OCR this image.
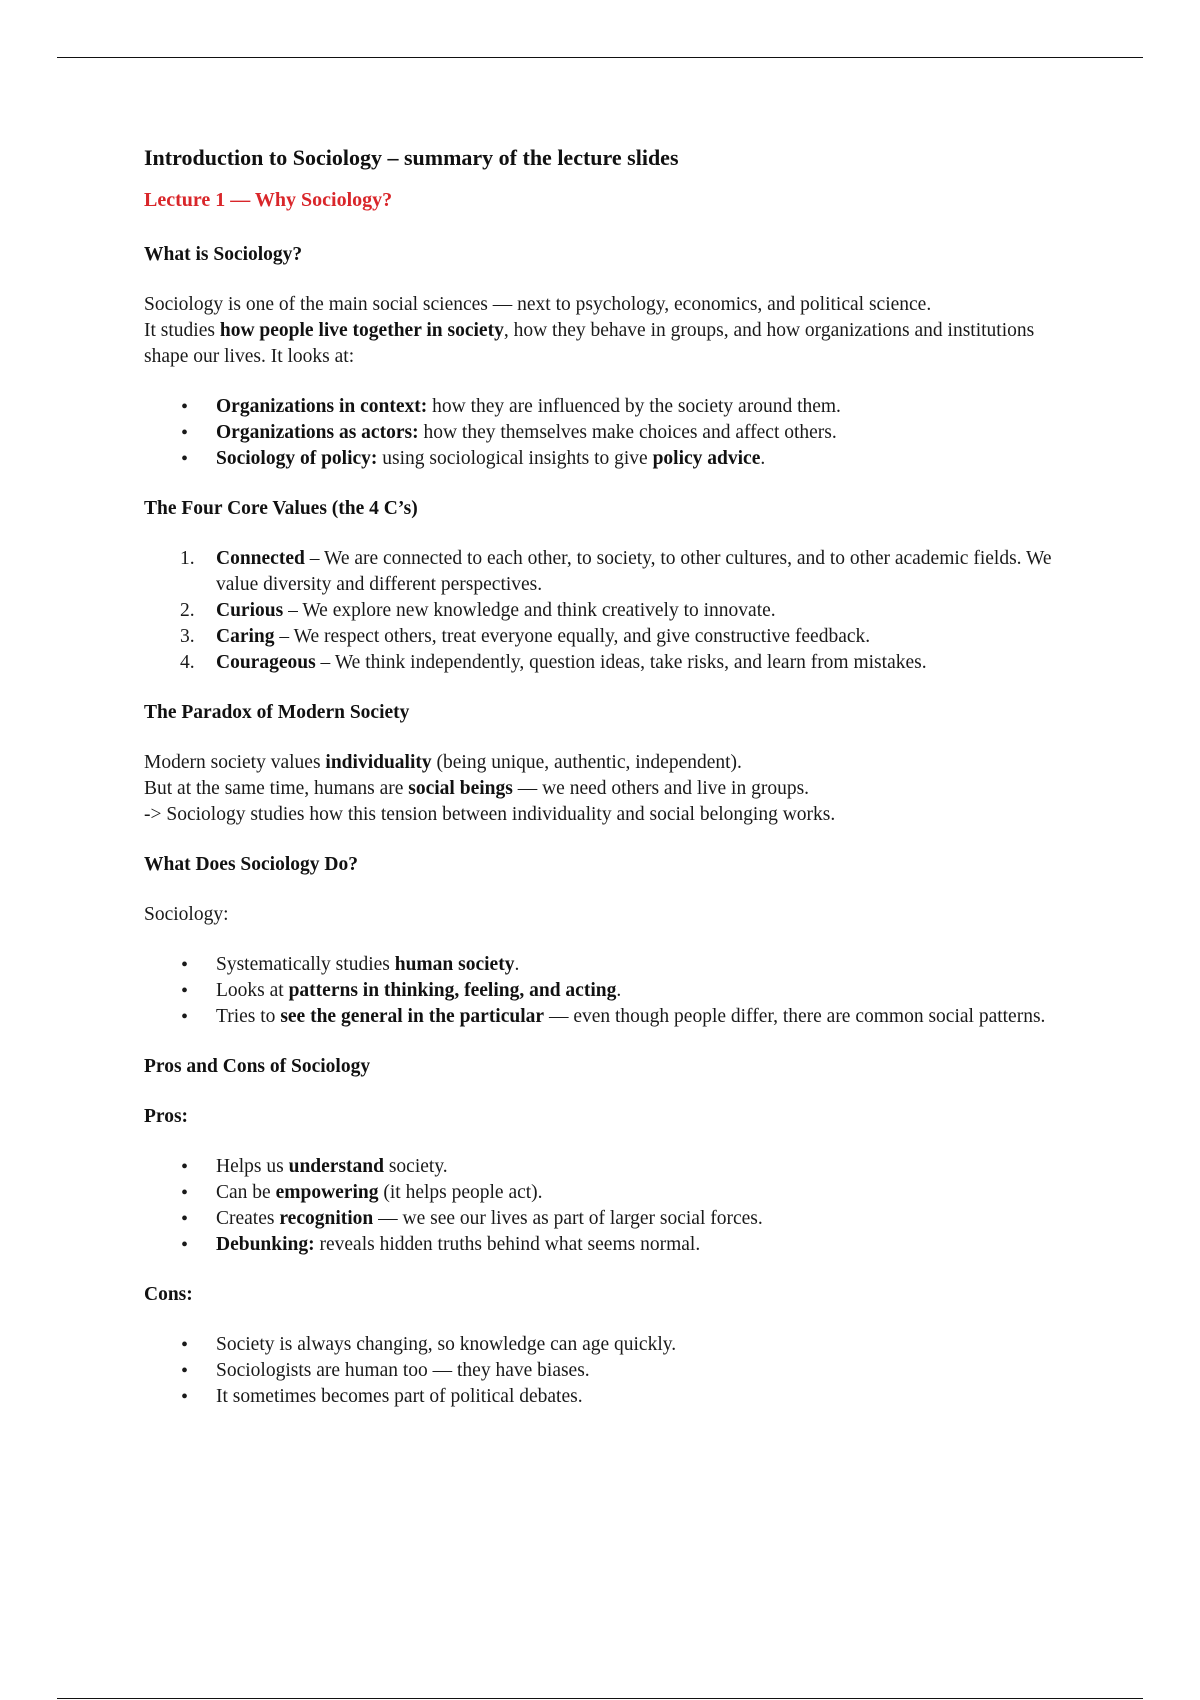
Introduction to Sociology – summary of the lecture slides
Lecture 1 — Why Sociology?
What is Sociology?

Sociology is one of the main social sciences — next to psychology, economics, and political science.
It studies how people live together in society, how they behave in groups, and how organizations and institutions shape our lives. It looks at:

• Organizations in context: how they are influenced by the society around them.
• Organizations as actors: how they themselves make choices and affect others.
• Sociology of policy: using sociological insights to give policy advice.
The Four Core Values (the 4 C’s)
1. Connected – We are connected to each other, to society, to other cultures, and to other academic fields. We value diversity and different perspectives.
2. Curious – We explore new knowledge and think creatively to innovate.
3. Caring – We respect others, treat everyone equally, and give constructive feedback.
4. Courageous – We think independently, question ideas, take risks, and learn from mistakes.
The Paradox of Modern Society

Modern society values individuality (being unique, authentic, independent).
But at the same time, humans are social beings — we need others and live in groups.
-> Sociology studies how this tension between individuality and social belonging works.

What Does Sociology Do?

Sociology:

• Systematically studies human society.
• Looks at patterns in thinking, feeling, and acting.
• Tries to see the general in the particular — even though people differ, there are common social patterns.
Pros and Cons of Sociology
Pros:
• Helps us understand society.
• Can be empowering (it helps people act).
• Creates recognition — we see our lives as part of larger social forces.
• Debunking: reveals hidden truths behind what seems normal.
Cons:
• Society is always changing, so knowledge can age quickly.
• Sociologists are human too — they have biases.
• It sometimes becomes part of political debates.
